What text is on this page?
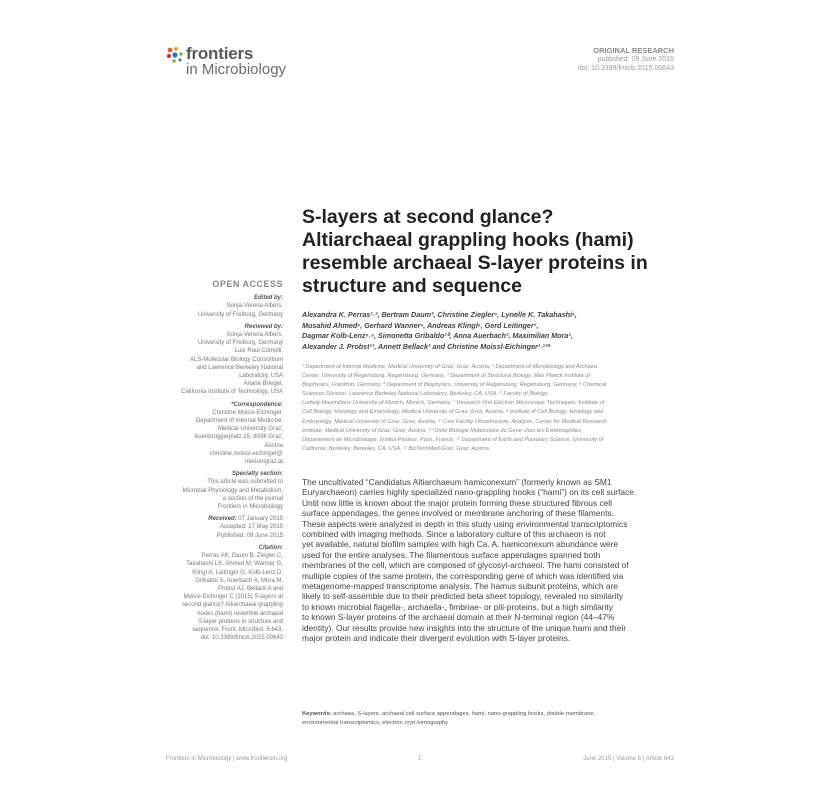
frontiers
in Microbiology
ORIGINAL RESEARCH
published: 09 June 2015
doi: 10.3389/fmicb.2015.00643
S-layers at second glance?
Altiarchaeal grappling hooks (hami)
resemble archaeal S-layer proteins in
structure and sequence
OPEN ACCESS
Edited by:
Sonja-Verena Albers,
University of Freiburg, Germany
Reviewed by:
Sonja-Verena Albers,
University of Freiburg, Germany
Luis Raul Comolli,
ALS-Molecular Biology Consortium
and Lawrence Berkeley National
Laboratory, USA
Ariane Briegel,
California Institute of Technology, USA
*Correspondence:
Christine Moissl-Eichinger,
Department of Internal Medicine,
Medical University Graz,
Auenbruggerplatz 15, 8036 Graz,
Austria
christine.moissl-eichinger@
medunigraz.at
Specialty section:
This article was submitted to
Microbial Physiology and Metabolism,
a section of the journal
Frontiers in Microbiology
Received: 07 January 2015
Accepted: 17 May 2015
Published: 09 June 2015
Citation:
Perras AK, Daum B, Ziegler C,
Takahashi LK, Ahmed M, Wanner G,
Klingl A, Leitinger G, Kolb-Lenz D,
Gribaldo S, Auerbach A, Mora M,
Probst AJ, Bellack A and
Moissl-Eichinger C (2015) S-layers at
second glance? Altiarchaeal grappling
hooks (hami) resemble archaeal
S-layer proteins in structure and
sequence. Front. Microbiol. 6:643.
doi: 10.3389/fmicb.2015.00643
Alexandra K. Perras¹˒², Bertram Daum³, Christine Ziegler⁴, Lynelle K. Takahashi⁵,
Musahid Ahmed⁵, Gerhard Wanner⁶, Andreas Klingl⁶, Gerd Leitinger⁷,
Dagmar Kolb-Lenz⁸˒⁹, Simonetta Gribaldo¹⁰, Anna Auerbach², Maximilian Mora¹,
Alexander J. Probst¹¹, Annett Bellack² and Christine Moissl-Eichinger¹˒¹²*
¹ Department of Internal Medicine, Medical University of Graz, Graz, Austria, ² Department of Microbiology and Archaea
Center, University of Regensburg, Regensburg, Germany, ³ Department of Structural Biology, Max Planck Institute of
Biophysics, Frankfurt, Germany, ⁴ Department of Biophysics, University of Regensburg, Regensburg, Germany, ⁵ Chemical
Sciences Division, Lawrence Berkeley National Laboratory, Berkeley, CA, USA, ⁶ Faculty of Biology,
Ludwig-Maximilians-University of Munich, Munich, Germany, ⁷ Research Unit Electron Microscopic Techniques, Institute of
Cell Biology, Histology and Embryology, Medical University of Graz, Graz, Austria, ⁸ Institute of Cell Biology, Histology and
Embryology, Medical University of Graz, Graz, Austria, ⁹ Core Facility Ultrastructure, Analysis, Center for Medical Research
Institute, Medical University of Graz, Graz, Austria, ¹⁰ Unité Biologie Moléculaire du Gene chez les Extrêmophiles,
Département de Microbiologie, Institut Pasteur, Paris, France, ¹¹ Department of Earth and Planetary Science, University of
California, Berkeley, Berkeley, CA, USA, ¹² BioTechMed-Graz, Graz, Austria
The uncultivated “Candidatus Altiarchaeum hamiconexum” (formerly known as SM1
Euryarchaeon) carries highly specialized nano-grappling hooks (“hami”) on its cell surface.
Until now little is known about the major protein forming these structured fibrous cell
surface appendages, the genes involved or membrane anchoring of these filaments.
These aspects were analyzed in depth in this study using environmental transcriptomics
combined with imaging methods. Since a laboratory culture of this archaeon is not
yet available, natural biofilm samples with high Ca. A. hamiconexum abundance were
used for the entire analyses. The filamentous surface appendages spanned both
membranes of the cell, which are composed of glycosyl-archaeol. The hami consisted of
multiple copies of the same protein, the corresponding gene of which was identified via
metagenome-mapped transcriptome analysis. The hamus subunit proteins, which are
likely to self-assemble due to their predicted beta sheet topology, revealed no similarity
to known microbial flagella-, archaella-, fimbriae- or pili-proteins, but a high similarity
to known S-layer proteins of the archaeal domain at their N-terminal region (44–47%
identity). Our results provide new insights into the structure of the unique hami and their
major protein and indicate their divergent evolution with S-layer proteins.
Keywords: archaea, S-layers, archaeal cell surface appendages, hami, nano-grappling hooks, double-membrane,
environmental transcriptomics, electron cryo-tomography
Frontiers in Microbiology | www.frontiersin.org	1	June 2015 | Volume 6 | Article 643
